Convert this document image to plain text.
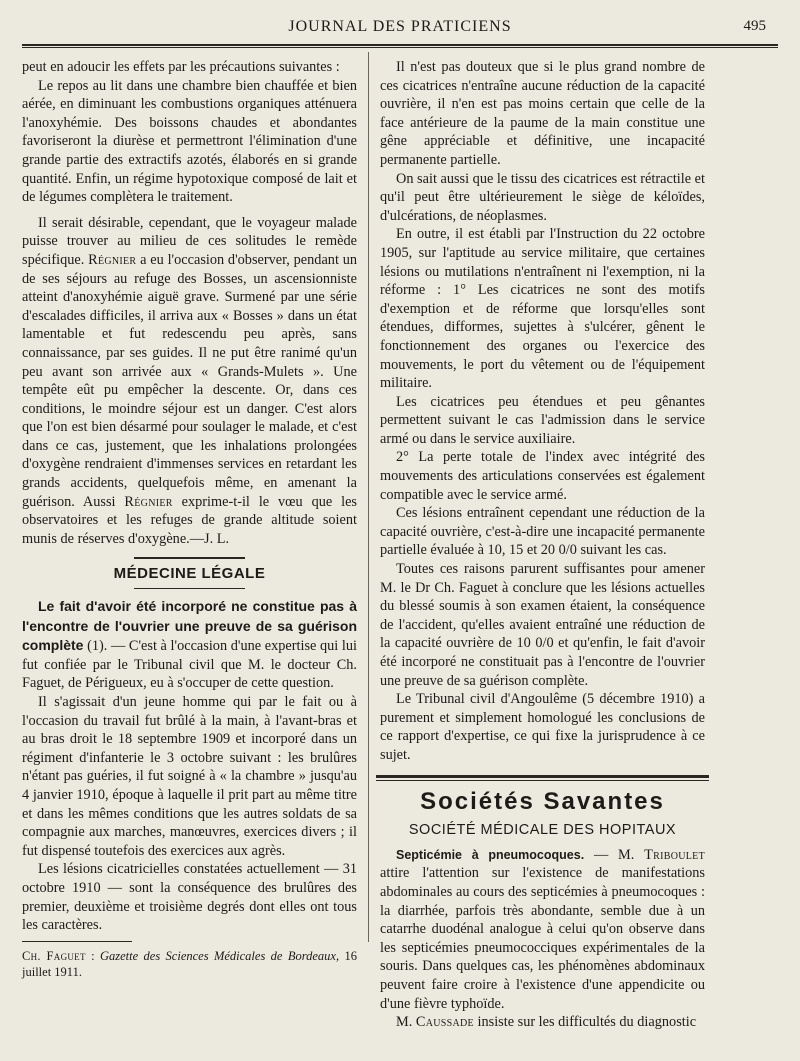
JOURNAL DES PRATICIENS	495

peut en adoucir les effets par les précautions suivantes :

Le repos au lit dans une chambre bien chauffée et bien aérée, en diminuant les combustions organiques atténuera l'anoxyhémie. Des boissons chaudes et abondantes favoriseront la diurèse et permettront l'élimination d'une grande partie des extractifs azotés, élaborés en si grande quantité. Enfin, un régime hypotoxique composé de lait et de légumes complètera le traitement.

Il serait désirable, cependant, que le voyageur malade puisse trouver au milieu de ces solitudes le remède spécifique. Régnier a eu l'occasion d'observer, pendant un de ses séjours au refuge des Bosses, un ascensionniste atteint d'anoxyhémie aiguë grave. Surmené par une série d'escalades difficiles, il arriva aux « Bosses » dans un état lamentable et fut redescendu peu après, sans connaissance, par ses guides. Il ne put être ranimé qu'un peu avant son arrivée aux « Grands-Mulets ». Une tempête eût pu empêcher la descente. Or, dans ces conditions, le moindre séjour est un danger. C'est alors que l'on est bien désarmé pour soulager le malade, et c'est dans ce cas, justement, que les inhalations prolongées d'oxygène rendraient d'immenses services en retardant les grands accidents, quelquefois même, en amenant la guérison. Aussi Régnier exprime-t-il le vœu que les observatoires et les refuges de grande altitude soient munis de réserves d'oxygène.—J. L.

MÉDECINE LÉGALE

Le fait d'avoir été incorporé ne constitue pas à l'encontre de l'ouvrier une preuve de sa guérison complète (1). — C'est à l'occasion d'une expertise qui lui fut confiée par le Tribunal civil que M. le docteur Ch. Faguet, de Périgueux, eu à s'occuper de cette question.

Il s'agissait d'un jeune homme qui par le fait ou à l'occasion du travail fut brûlé à la main, à l'avant-bras et au bras droit le 18 septembre 1909 et incorporé dans un régiment d'infanterie le 3 octobre suivant : les brulûres n'étant pas guéries, il fut soigné à « la chambre » jusqu'au 4 janvier 1910, époque à laquelle il prit part au même titre et dans les mêmes conditions que les autres soldats de sa compagnie aux marches, manœuvres, exercices divers ; il fut dispensé toutefois des exercices aux agrès.

Les lésions cicatricielles constatées actuellement — 31 octobre 1910 — sont la conséquence des brulûres des premier, deuxième et troisième degrés dont elles ont tous les caractères.

Ch. Faguet : Gazette des Sciences Médicales de Bordeaux, 16 juillet 1911.

Il n'est pas douteux que si le plus grand nombre de ces cicatrices n'entraîne aucune réduction de la capacité ouvrière, il n'en est pas moins certain que celle de la face antérieure de la paume de la main constitue une gêne appréciable et définitive, une incapacité permanente partielle.

On sait aussi que le tissu des cicatrices est rétractile et qu'il peut être ultérieurement le siège de kéloïdes, d'ulcérations, de néoplasmes.

En outre, il est établi par l'Instruction du 22 octobre 1905, sur l'aptitude au service militaire, que certaines lésions ou mutilations n'entraînent ni l'exemption, ni la réforme : 1° Les cicatrices ne sont des motifs d'exemption et de réforme que lorsqu'elles sont étendues, difformes, sujettes à s'ulcérer, gênent le fonctionnement des organes ou l'exercice des mouvements, le port du vêtement ou de l'équipement militaire.

Les cicatrices peu étendues et peu gênantes permettent suivant le cas l'admission dans le service armé ou dans le service auxiliaire.

2° La perte totale de l'index avec intégrité des mouvements des articulations conservées est également compatible avec le service armé.

Ces lésions entraînent cependant une réduction de la capacité ouvrière, c'est-à-dire une incapacité permanente partielle évaluée à 10, 15 et 20 0/0 suivant les cas.

Toutes ces raisons parurent suffisantes pour amener M. le Dr Ch. Faguet à conclure que les lésions actuelles du blessé soumis à son examen étaient, la conséquence de l'accident, qu'elles avaient entraîné une réduction de la capacité ouvrière de 10 0/0 et qu'enfin, le fait d'avoir été incorporé ne constituait pas à l'encontre de l'ouvrier une preuve de sa guérison complète.

Le Tribunal civil d'Angoulême (5 décembre 1910) a purement et simplement homologué les conclusions de ce rapport d'expertise, ce qui fixe la jurisprudence à ce sujet.

Sociétés Savantes
SOCIÉTÉ MÉDICALE DES HOPITAUX

Septicémie à pneumocoques. — M. Triboulet attire l'attention sur l'existence de manifestations abdominales au cours des septicémies à pneumocoques : la diarrhée, parfois très abondante, semble due à un catarrhe duodénal analogue à celui qu'on observe dans les septicémies pneumococciques expérimentales de la souris. Dans quelques cas, les phénomènes abdominaux peuvent faire croire à l'existence d'une appendicite ou d'une fièvre typhoïde.

M. Caussade insiste sur les difficultés du diagnostic
